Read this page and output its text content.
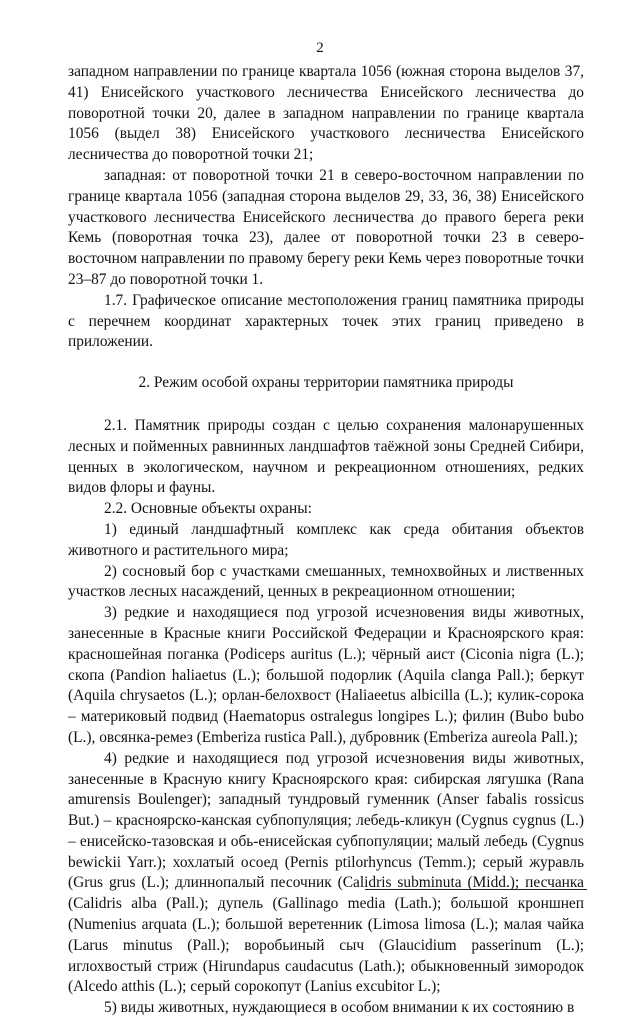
2

западном направлении по границе квартала 1056 (южная сторона выделов 37, 41) Енисейского участкового лесничества Енисейского лесничества до поворотной точки 20, далее в западном направлении по границе квартала 1056 (выдел 38) Енисейского участкового лесничества Енисейского лесничества до поворотной точки 21;

западная: от поворотной точки 21 в северо-восточном направлении по границе квартала 1056 (западная сторона выделов 29, 33, 36, 38) Енисейского участкового лесничества Енисейского лесничества до правого берега реки Кемь (поворотная точка 23), далее от поворотной точки 23 в северо-восточном направлении по правому берегу реки Кемь через поворотные точки 23–87 до поворотной точки 1.

1.7. Графическое описание местоположения границ памятника природы с перечнем координат характерных точек этих границ приведено в приложении.

2. Режим особой охраны территории памятника природы

2.1. Памятник природы создан с целью сохранения малонарушенных лесных и пойменных равнинных ландшафтов таёжной зоны Средней Сибири, ценных в экологическом, научном и рекреационном отношениях, редких видов флоры и фауны.

2.2. Основные объекты охраны:

1) единый ландшафтный комплекс как среда обитания объектов животного и растительного мира;

2) сосновый бор с участками смешанных, темнохвойных и лиственных участков лесных насаждений, ценных в рекреационном отношении;

3) редкие и находящиеся под угрозой исчезновения виды животных, занесенные в Красные книги Российской Федерации и Красноярского края: красношейная поганка (Podiceps auritus (L.); чёрный аист (Ciconia nigra (L.); скопа (Pandion haliaetus (L.); большой подорлик (Aquila clanga Pall.); беркут (Aquila chrysaetos (L.); орлан-белохвост (Haliaeetus albicilla (L.); кулик-сорока – материковый подвид (Haematopus ostralegus longipes L.); филин (Bubo bubo (L.), овсянка-ремез (Emberiza rustica Pall.), дубровник (Emberiza aureola Pall.);

4) редкие и находящиеся под угрозой исчезновения виды животных, занесенные в Красную книгу Красноярского края: сибирская лягушка (Rana amurensis Boulenger); западный тундровый гуменник (Anser fabalis rossicus But.) – красноярско-канская субпопуляция; лебедь-кликун (Cygnus cygnus (L.) – енисейско-тазовская и обь-енисейская субпопуляции; малый лебедь (Cygnus bewickii Yarr.); хохлатый осоед (Pernis ptilorhyncus (Temm.); серый журавль (Grus grus (L.); длиннопалый песочник (Calidris subminuta (Midd.); песчанка (Calidris alba (Pall.); дупель (Gallinago media (Lath.); большой кроншнеп (Numenius arquata (L.); большой веретенник (Limosa limosa (L.); малая чайка (Larus minutus (Pall.); воробьиный сыч (Glaucidium passerinum (L.); иглохвостый стриж (Hirundapus caudacutus (Lath.); обыкновенный зимородок (Alcedo atthis (L.); серый сорокопут (Lanius excubitor L.);

5) виды животных, нуждающиеся в особом внимании к их состоянию в
